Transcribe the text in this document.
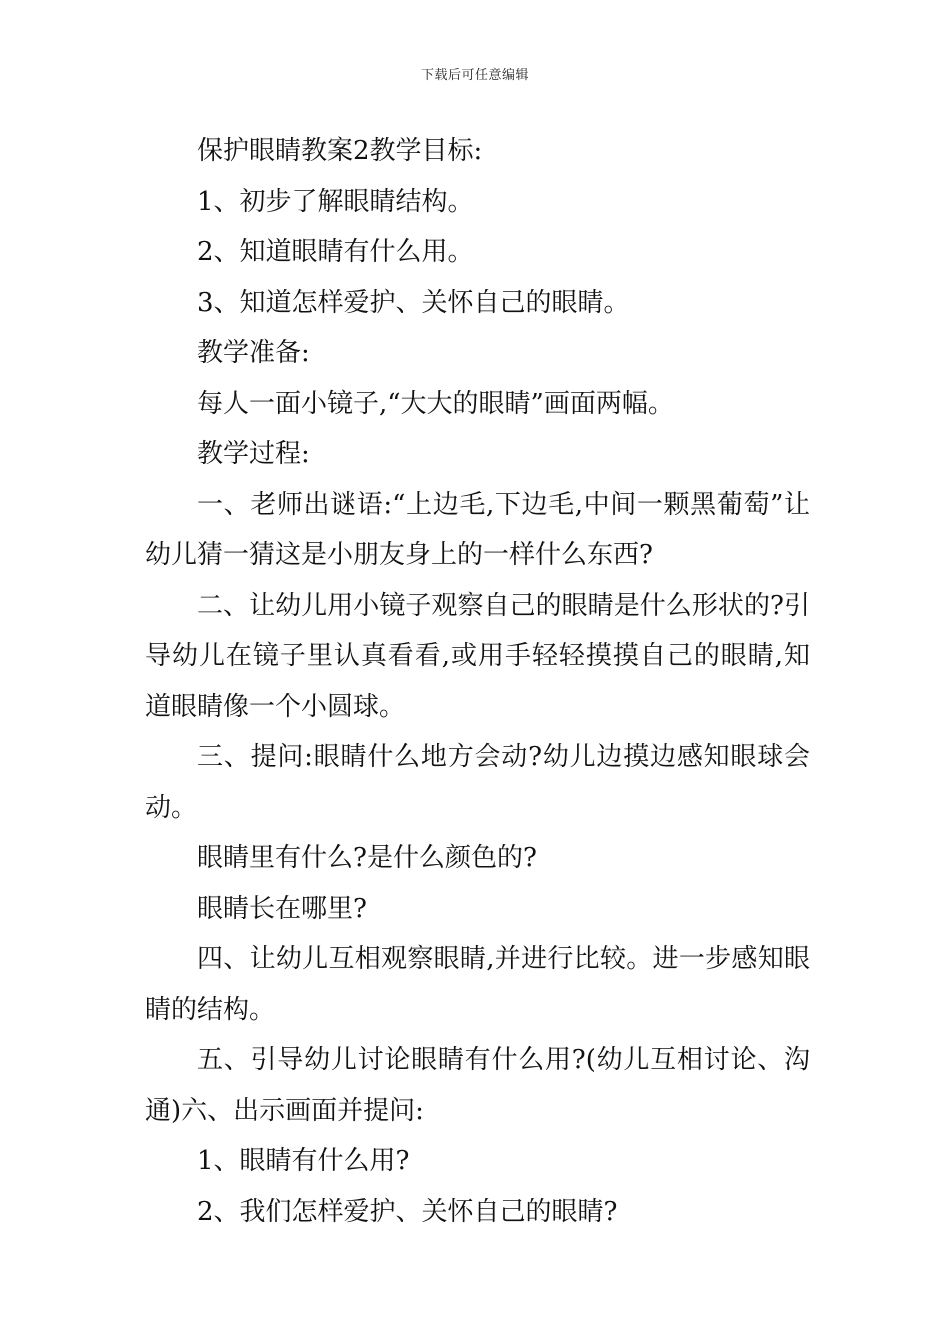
下载后可任意编辑

保护眼睛教案2教学目标:

1、初步了解眼睛结构。

2、知道眼睛有什么用。

3、知道怎样爱护、关怀自己的眼睛。

教学准备:

每人一面小镜子,“大大的眼睛”画面两幅。

教学过程:

一、老师出谜语:“上边毛,下边毛,中间一颗黑葡萄”让幼儿猜一猜这是小朋友身上的一样什么东西?

二、让幼儿用小镜子观察自己的眼睛是什么形状的?引导幼儿在镜子里认真看看,或用手轻轻摸摸自己的眼睛,知道眼睛像一个小圆球。

三、提问:眼睛什么地方会动?幼儿边摸边感知眼球会动。

眼睛里有什么?是什么颜色的?

眼睛长在哪里?

四、让幼儿互相观察眼睛,并进行比较。进一步感知眼睛的结构。

五、引导幼儿讨论眼睛有什么用?(幼儿互相讨论、沟通)六、出示画面并提问:

1、眼睛有什么用?

2、我们怎样爱护、关怀自己的眼睛?
